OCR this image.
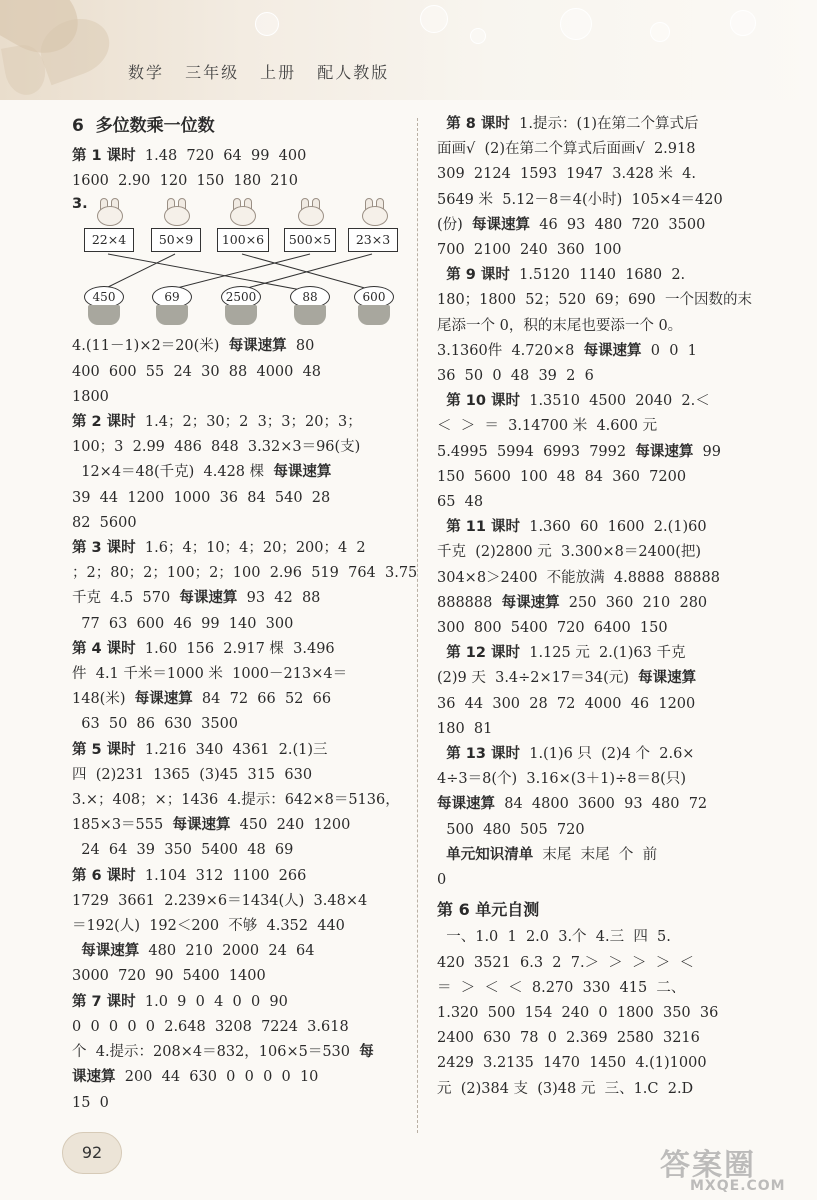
数学 三年级 上册 配人教版

6  多位数乘一位数

第 1 课时  1.48  720  64  99  400

1600  2.90  120  150  180  210

3.
22×4	50×9	100×6	500×5	23×3
450	69	2500	88	600

4.(11－1)×2＝20(米)  每课速算  80

400  600  55  24  30  88  4000  48

1800

第 2 课时  1.4；2；30；2  3；3；20；3；

100；3  2.99  486  848  3.32×3＝96(支)

12×4＝48(千克)  4.428 棵  每课速算

39  44  1200  1000  36  84  540  28

82  5600

第 3 课时  1.6；4；10；4；20；200；4  2

；2；80；2；100；2；100  2.96  519  764  3.75

千克  4.5  570  每课速算  93  42  88

77  63  600  46  99  140  300

第 4 课时  1.60  156  2.917 棵  3.496

件  4.1 千米＝1000 米  1000－213×4＝

148(米)  每课速算  84  72  66  52  66

63  50  86  630  3500

第 5 课时  1.216  340  4361  2.(1)三

四  (2)231  1365  (3)45  315  630

3.×；408；×；1436  4.提示：642×8＝5136，

185×3＝555  每课速算  450  240  1200

24  64  39  350  5400  48  69

第 6 课时  1.104  312  1100  266

1729  3661  2.239×6＝1434(人)  3.48×4

＝192(人)  192＜200  不够  4.352  440

每课速算  480  210  2000  24  64

3000  720  90  5400  1400

第 7 课时  1.0  9  0  4  0  0  90

0  0  0  0  0  2.648  3208  7224  3.618

个  4.提示：208×4＝832，106×5＝530  每

课速算  200  44  630  0  0  0  0  10

15  0

第 8 课时  1.提示：(1)在第二个算式后

面画√  (2)在第二个算式后面画√  2.918

309  2124  1593  1947  3.428 米  4.

5649 米  5.12－8＝4(小时)  105×4＝420

(份)  每课速算  46  93  480  720  3500

700  2100  240  360  100

第 9 课时  1.5120  1140  1680  2.

180；1800  52；520  69；690  一个因数的末

尾添一个 0，积的末尾也要添一个 0。

3.1360件  4.720×8  每课速算  0  0  1

36  50  0  48  39  2  6

第 10 课时  1.3510  4500  2040  2.＜

＜  ＞  ＝  3.14700 米  4.600 元

5.4995  5994  6993  7992  每课速算  99

150  5600  100  48  84  360  7200

65  48

第 11 课时  1.360  60  1600  2.(1)60

千克  (2)2800 元  3.300×8＝2400(把)

304×8＞2400  不能放满  4.8888  88888

888888  每课速算  250  360  210  280

300  800  5400  720  6400  150

第 12 课时  1.125 元  2.(1)63 千克

(2)9 天  3.4÷2×17＝34(元)  每课速算

36  44  300  28  72  4000  46  1200

180  81

第 13 课时  1.(1)6 只  (2)4 个  2.6×

4÷3＝8(个)  3.16×(3＋1)÷8＝8(只)

每课速算  84  4800  3600  93  480  72

500  480  505  720

单元知识清单  末尾  末尾  个  前

0

第 6 单元自测

一、1.0  1  2.0  3.个  4.三  四  5.

420  3521  6.3  2  7.＞  ＞  ＞  ＞  ＜

＝  ＞  ＜  ＜  8.270  330  415  二、

1.320  500  154  240  0  1800  350  36

2400  630  78  0  2.369  2580  3216

2429  3.2135  1470  1450  4.(1)1000

元  (2)384 支  (3)48 元  三、1.C  2.D

92	答案圈
MXQE.COM
